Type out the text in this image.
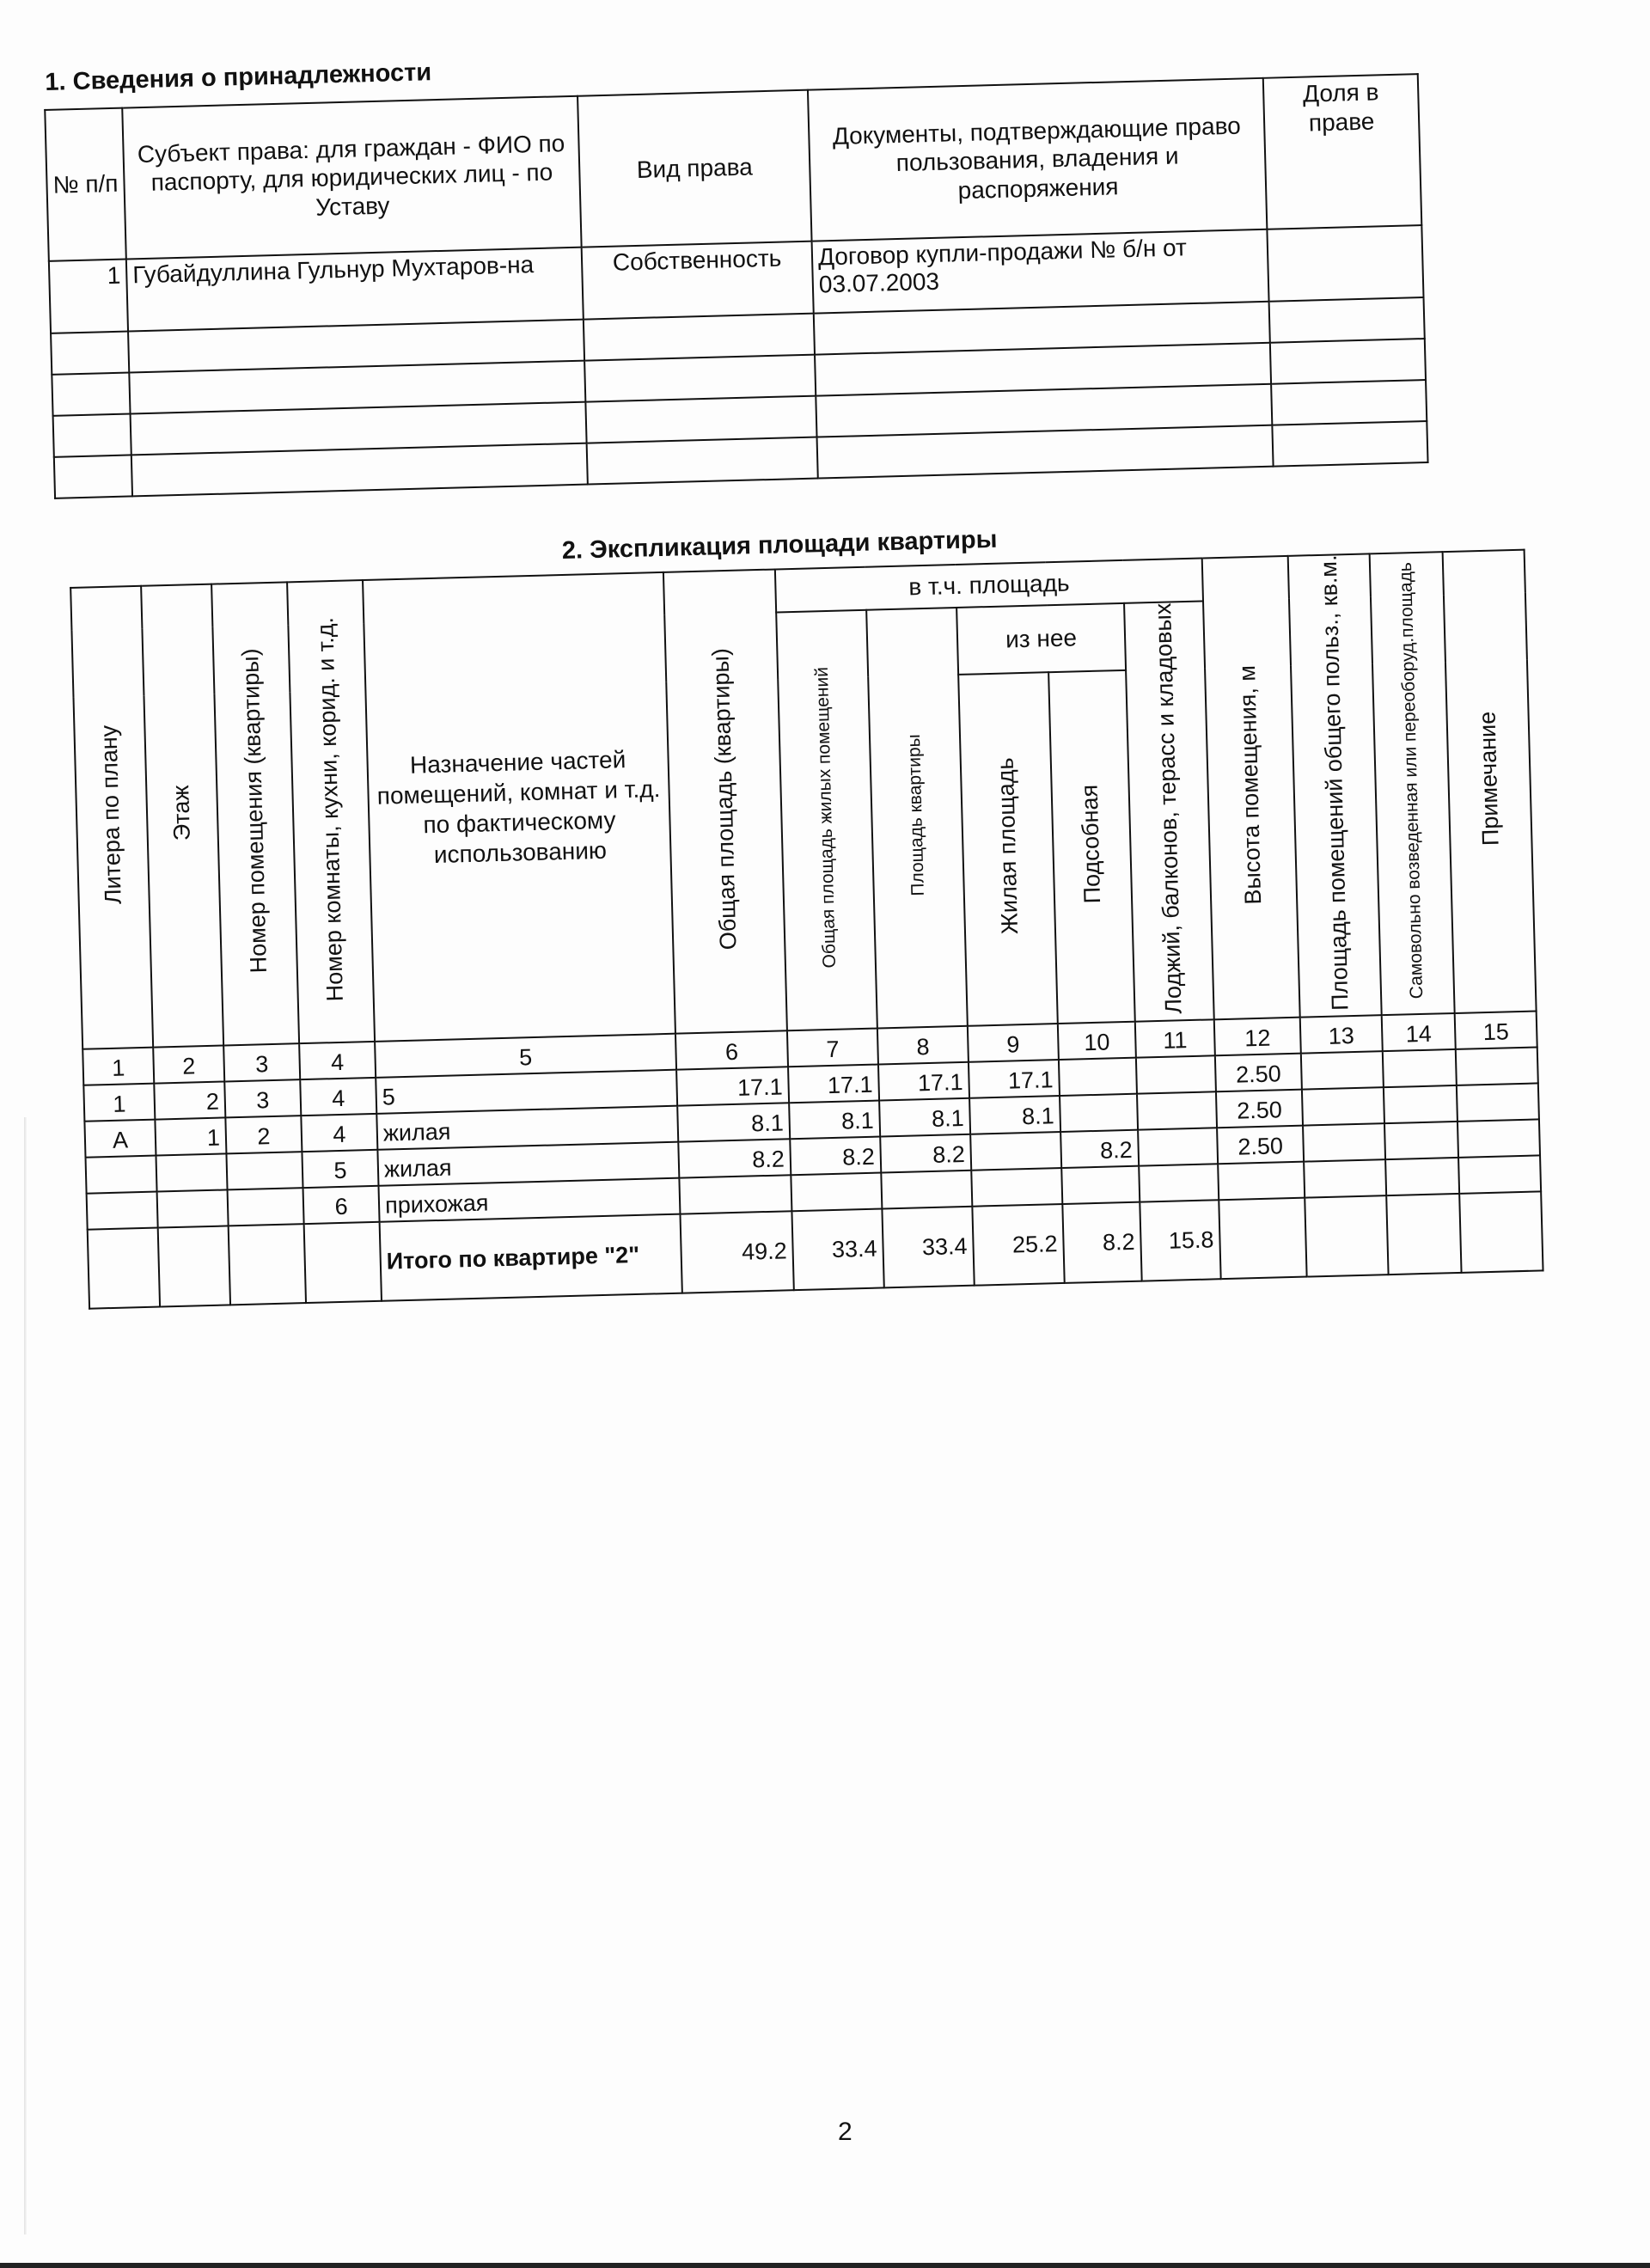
1. Сведения о принадлежности
№ п/п	Субъект права: для граждан - ФИО по паспорту, для юридических лиц - по Уставу	Вид права	Документы, подтверждающие право пользования, владения и распоряжения	Доля в праве
1	Губайдуллина Гульнур Мухтаров-на	Собственность	Договор купли-продажи № б/н от 03.07.2003	

2. Экспликация площади квартиры
Литера по плану	Этаж	Номер помещения (квартиры)	Номер комнаты, кухни, корид. и т.д.	Назначение частей помещений, комнат и т.д. по фактическому использованию	Общая площадь (квартиры)	в т.ч. площадь					Высота помещения, м	Площадь помещений общего польз., кв.м.	Самовольно возведенная или переоборуд.площадь	Примечание
						Общая площадь жилых помещений	Площадь квартиры	из нее		Лоджий, балконов, терасс и кладовых				
								Жилая площадь	Подсобная					
1	2	3	4	5	6	7	8	9	10	11	12	13	14	15
1	2	3	4	5	17.1	17.1	17.1	17.1			2.50			
А	1	2	4	жилая	8.1	8.1	8.1	8.1			2.50			
			5	жилая	8.2	8.2	8.2		8.2		2.50			
			6	прихожая										
				Итого по квартире "2"	49.2	33.4	33.4	25.2	8.2	15.8				
2
